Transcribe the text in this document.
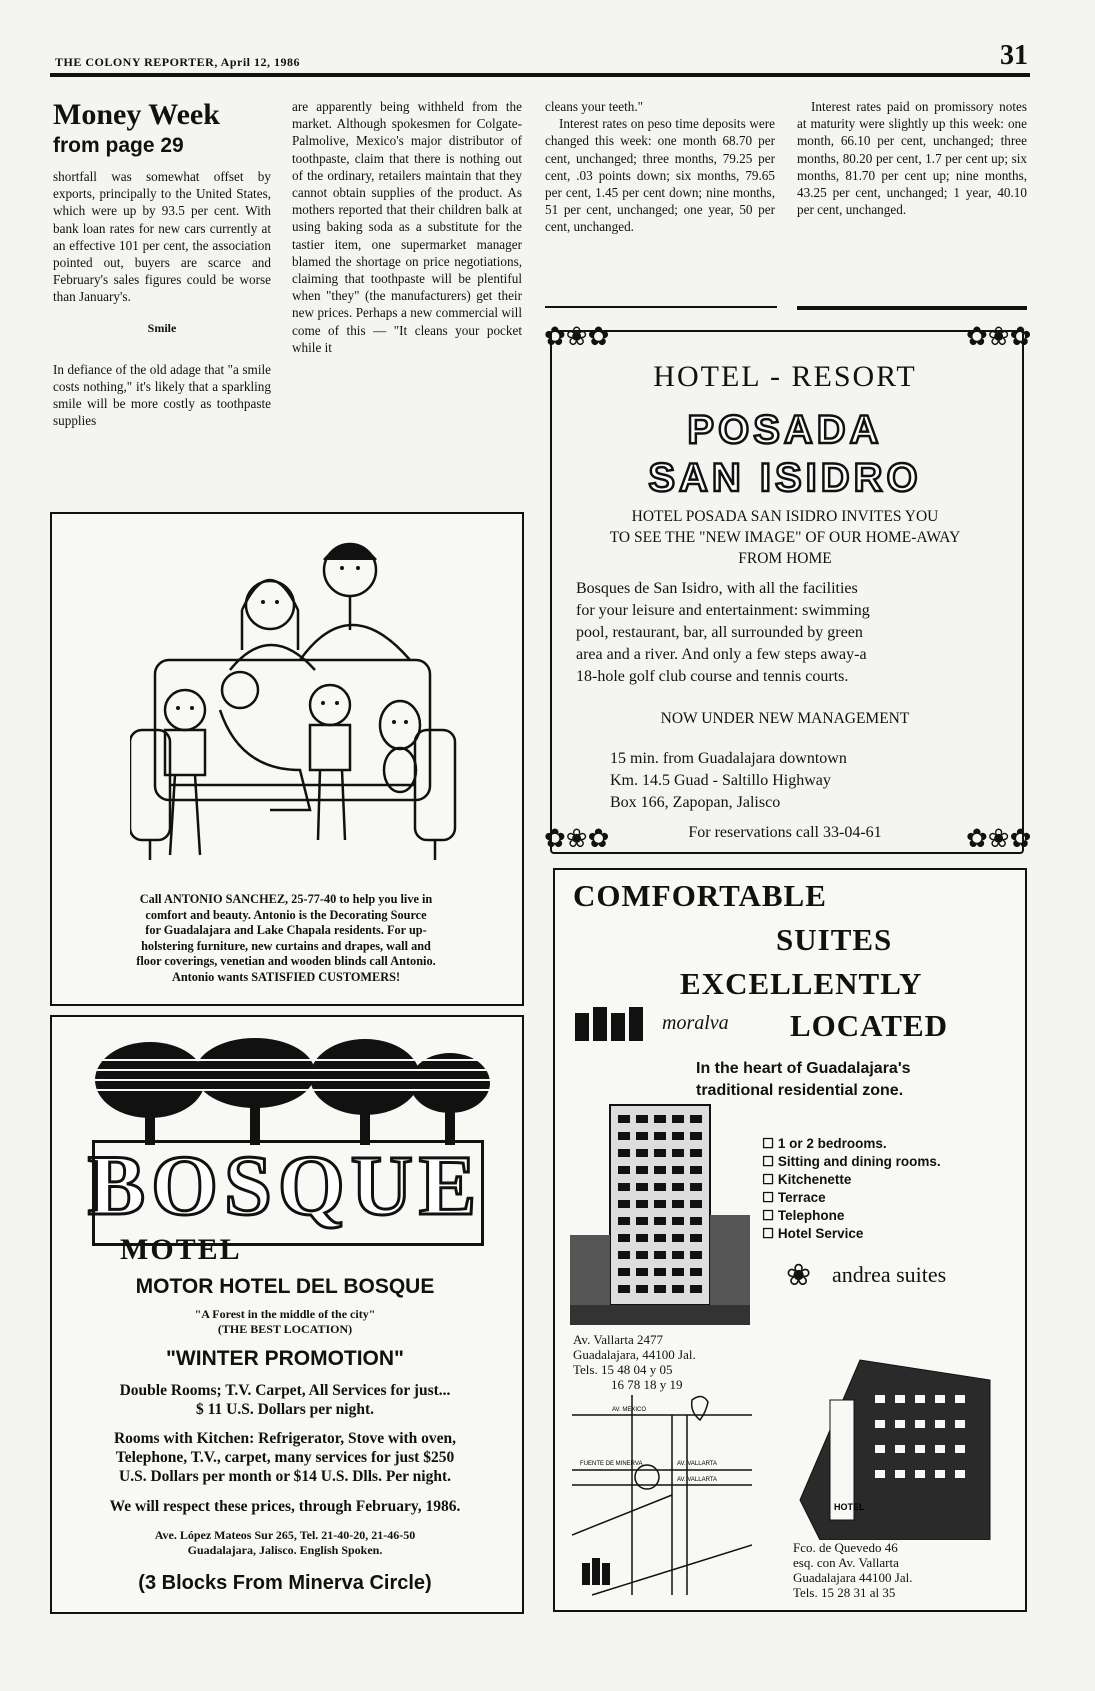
THE COLONY REPORTER, April 12, 1986	31
Money Week
from page 29

shortfall was somewhat offset by exports, principally to the United States, which were up by 93.5 per cent. With bank loan rates for new cars currently at an effective 101 per cent, the association pointed out, buyers are scarce and February's sales figures could be worse than January's.

Smile

In defiance of the old adage that "a smile costs nothing," it's likely that a sparkling smile will be more costly as toothpaste supplies

are apparently being withheld from the market. Although spokesmen for Colgate-Palmolive, Mexico's major distributor of toothpaste, claim that there is nothing out of the ordinary, retailers maintain that they cannot obtain supplies of the product. As mothers reported that their children balk at using baking soda as a substitute for the tastier item, one supermarket manager blamed the shortage on price negotiations, claiming that toothpaste will be plentiful when "they" (the manufacturers) get their new prices. Perhaps a new commercial will come of this — "It cleans your pocket while it

cleans your teeth."

Interest rates on peso time deposits were changed this week: one month 68.70 per cent, unchanged; three months, 79.25 per cent, .03 points down; six months, 79.65 per cent, 1.45 per cent down; nine months, 51 per cent, unchanged; one year, 50 per cent, unchanged.

Interest rates paid on promissory notes at maturity were slightly up this week: one month, 66.10 per cent, unchanged; three months, 80.20 per cent, 1.7 per cent up; six months, 81.70 per cent up; nine months, 43.25 per cent, unchanged; 1 year, 40.10 per cent, unchanged.

Call ANTONIO SANCHEZ, 25-77-40 to help you live in
comfort and beauty. Antonio is the Decorating Source
for Guadalajara and Lake Chapala residents. For up-
holstering furniture, new curtains and drapes, wall and
floor coverings, venetian and wooden blinds call Antonio.
Antonio wants SATISFIED CUSTOMERS!
BOSQUE
MOTEL
MOTOR HOTEL DEL BOSQUE
"A Forest in the middle of the city"
(THE BEST LOCATION)
"WINTER PROMOTION"
Double Rooms; T.V. Carpet, All Services for just...
$ 11 U.S. Dollars per night.
Rooms with Kitchen: Refrigerator, Stove with oven,
Telephone, T.V., carpet, many services for just $250
U.S. Dollars per month or $14 U.S. Dlls. Per night.
We will respect these prices, through February, 1986.
Ave. López Mateos Sur 265, Tel. 21-40-20, 21-46-50
Guadalajara, Jalisco. English Spoken.
(3 Blocks From Minerva Circle)
✿❀✿	✿❀✿
✿❀✿	✿❀✿
HOTEL - RESORT
POSADA
SAN ISIDRO
HOTEL POSADA SAN ISIDRO INVITES YOU
TO SEE THE "NEW IMAGE" OF OUR HOME-AWAY
FROM HOME
Bosques de San Isidro, with all the facilities
for your leisure and entertainment: swimming
pool, restaurant, bar, all surrounded by green
area and a river. And only a few steps away-a
18-hole golf club course and tennis courts.
NOW UNDER NEW MANAGEMENT
15 min. from Guadalajara downtown
Km. 14.5 Guad - Saltillo Highway
Box 166, Zapopan, Jalisco
For reservations call 33-04-61
COMFORTABLE
SUITES
EXCELLENTLY
moralva LOCATED
In the heart of Guadalajara's
traditional residential zone.
☐ 1 or 2 bedrooms.
☐ Sitting and dining rooms.
☐ Kitchenette
☐ Terrace
☐ Telephone
☐ Hotel Service
❀ andrea suites
Av. Vallarta 2477
Guadalajara, 44100 Jal.
Tels. 15 48 04 y 05
16 78 18 y 19
AV. MEXICO
FUENTE DE MINERVA	AV. VALLARTA
AV. VALLARTA
HOTEL
Fco. de Quevedo 46
esq. con Av. Vallarta
Guadalajara 44100 Jal.
Tels. 15 28 31 al 35
